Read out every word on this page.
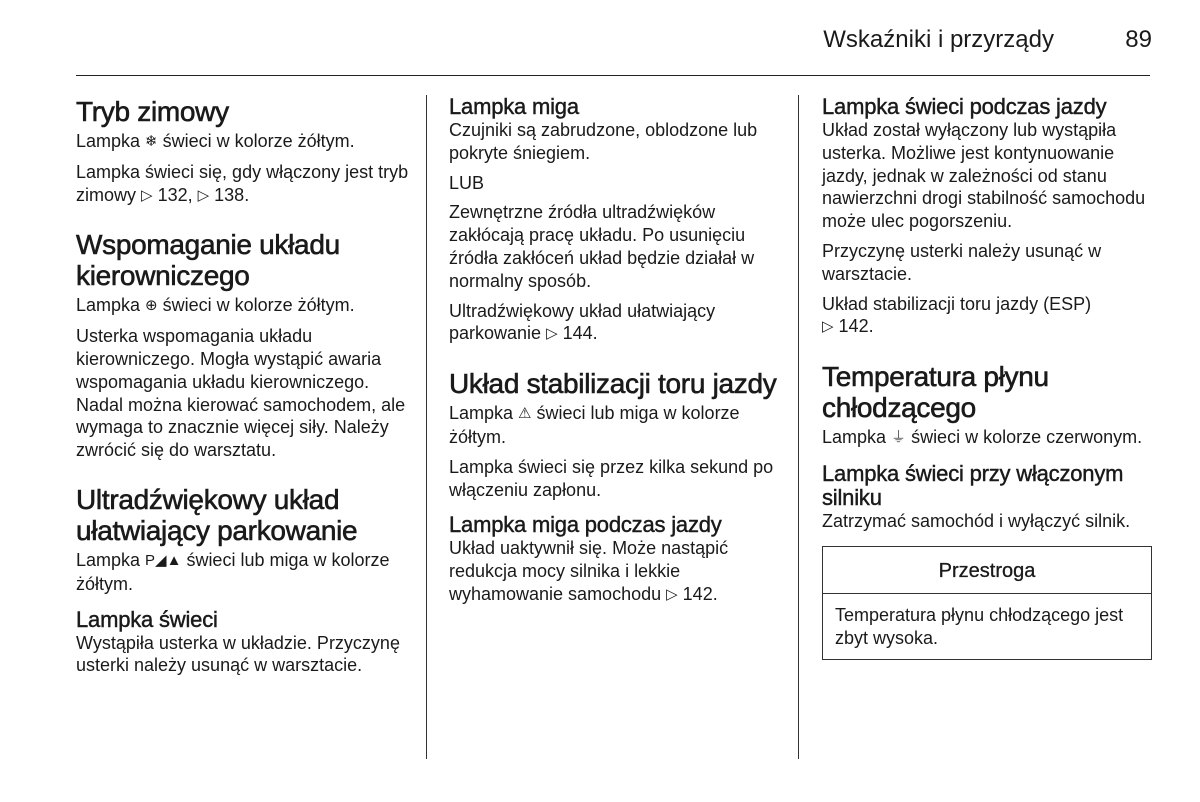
Wskaźniki i przyrządy	89
Tryb zimowy

Lampka ❄ świeci w kolorze żółtym.

Lampka świeci się, gdy włączony jest tryb zimowy ▷ 132, ▷ 138.

Wspomaganie układu kierowniczego

Lampka ⊕ świeci w kolorze żółtym.

Usterka wspomagania układu kierowniczego. Mogła wystąpić awaria wspomagania układu kierowniczego. Nadal można kierować samochodem, ale wymaga to znacznie więcej siły. Należy zwrócić się do warsztatu.

Ultradźwiękowy układ ułatwiający parkowanie

Lampka P◢▲ świeci lub miga w kolorze żółtym.

Lampka świeci

Wystąpiła usterka w układzie. Przyczynę usterki należy usunąć w warsztacie.

Lampka miga

Czujniki są zabrudzone, oblodzone lub pokryte śniegiem.

LUB

Zewnętrzne źródła ultradźwięków zakłócają pracę układu. Po usunięciu źródła zakłóceń układ będzie działał w normalny sposób.

Ultradźwiękowy układ ułatwiający parkowanie ▷ 144.

Układ stabilizacji toru jazdy

Lampka ⚠ świeci lub miga w kolorze żółtym.

Lampka świeci się przez kilka sekund po włączeniu zapłonu.

Lampka miga podczas jazdy

Układ uaktywnił się. Może nastąpić redukcja mocy silnika i lekkie wyhamowanie samochodu ▷ 142.

Lampka świeci podczas jazdy

Układ został wyłączony lub wystąpiła usterka. Możliwe jest kontynuowanie jazdy, jednak w zależności od stanu nawierzchni drogi stabilność samochodu może ulec pogorszeniu.

Przyczynę usterki należy usunąć w warsztacie.

Układ stabilizacji toru jazdy (ESP)
▷ 142.

Temperatura płynu chłodzącego

Lampka ⏚ świeci w kolorze czerwonym.

Lampka świeci przy włączonym silniku

Zatrzymać samochód i wyłączyć silnik.

Przestroga
Temperatura płynu chłodzącego jest zbyt wysoka.
